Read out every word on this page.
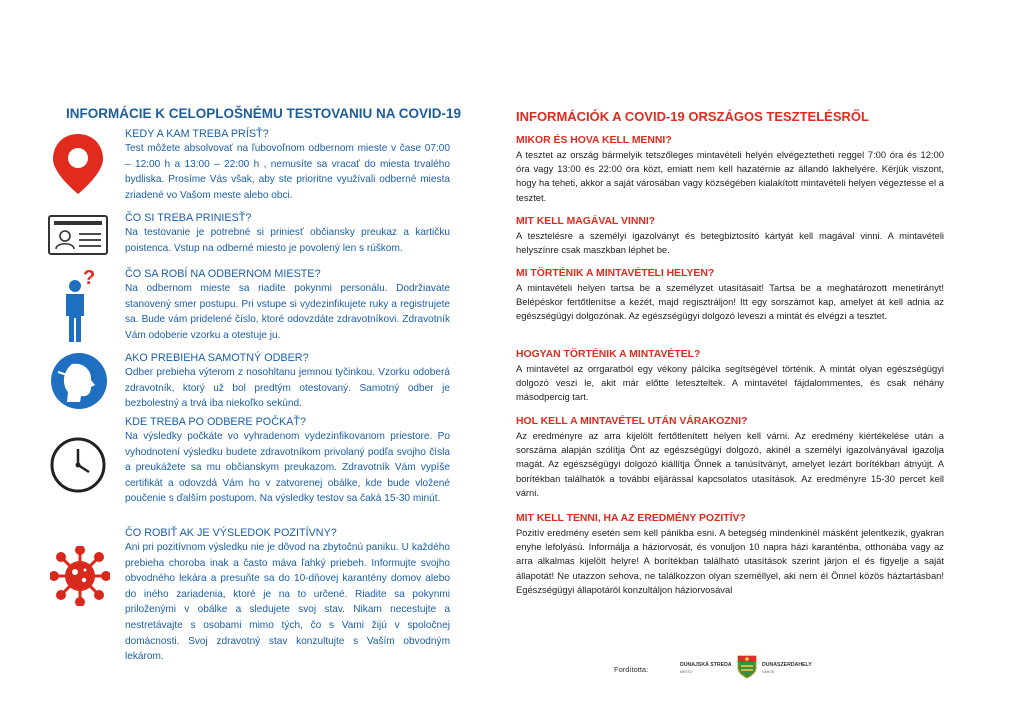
INFORMÁCIE K CELOPLOŠNÉMU TESTOVANIU NA COVID-19
?
KEDY A KAM TREBA PRÍSŤ?

Test môžete absolvovať na ľubovoľnom odbernom mieste v čase 07:00 – 12:00 h a 13:00 – 22:00 h , nemusíte sa vracať do miesta trvalého bydliska. Prosíme Vás však, aby ste prioritne využívali odberné miesta zriadené vo Vašom meste alebo obci.

ČO SI TREBA PRINIESŤ?

Na testovanie je potrebné si priniesť občiansky preukaz a kartičku poistenca. Vstup na odberné miesto je povolený len s rúškom.

ČO SA ROBÍ NA ODBERNOM MIESTE?

Na odbernom mieste sa riadite pokynmi personálu. Dodržiavate stanovený smer postupu. Pri vstupe si vydezinfikujete ruky a registrujete sa. Bude vám pridelené číslo, ktoré odovzdáte zdravotníkovi. Zdravotník Vám odoberie vzorku a otestuje ju.

AKO PREBIEHA SAMOTNÝ ODBER?

Odber prebieha výterom z nosohltanu jemnou tyčinkou. Vzorku odoberá zdravotník, ktorý už bol predtým otestovaný. Samotný odber je bezbolestný a trvá iba niekoľko sekúnd.

KDE TREBA PO ODBERE POČKAŤ?

Na výsledky počkáte vo vyhradenom vydezinfikovanom priestore. Po vyhodnotení výsledku budete zdravotníkom privolaný podľa svojho čísla a preukážete sa mu občianskym preukazom. Zdravotník Vám vypíše certifikát a odovzdá Vám ho v zatvorenej obálke, kde bude vložené poučenie s ďalším postupom. Na výsledky testov sa čaká 15-30 minút.

ČO ROBIŤ AK JE VÝSLEDOK POZITÍVNY?

Ani pri pozitívnom výsledku nie je dôvod na zbytočnú paniku. U každého prebieha choroba inak a často máva ľahký priebeh. Informujte svojho obvodného lekára a presuňte sa do 10-dňovej karantény domov alebo do iného zariadenia, ktoré je na to určené. Riadite sa pokynmi priloženými v obálke a sledujete svoj stav. Nikam necestujte a nestretávajte s osobami mimo tých, čo s Vami žijú v spoločnej domácnosti. Svoj zdravotný stav konzultujte s Vaším obvodným lekárom.

INFORMÁCIÓK A COVID-19 ORSZÁGOS TESZTELÉSRŐL
MIKOR ÉS HOVA KELL MENNI?

A tesztet az ország bármelyik tetszőleges mintavételi helyén elvégeztetheti reggel 7:00 óra és 12:00 óra vagy 13:00 és 22:00 óra közt, emiatt nem kell hazatérnie az állandó lakhelyére. Kérjük viszont, hogy ha teheti, akkor a saját városában vagy községében kialakított mintavételi helyen végeztesse el a tesztet.

MIT KELL MAGÁVAL VINNI?

A tesztelésre a személyi igazolványt és betegbiztosító kártyát kell magával vinni. A mintavételi helyszínre csak maszkban léphet be.

MI TÖRTÉNIK A MINTAVÉTELI HELYEN?

A mintavételi helyen tartsa be a személyzet utasításait! Tartsa be a meghatározott menetirányt! Belépéskor fertőtlenítse a kezét, majd regisztráljon! Itt egy sorszámot kap, amelyet át kell adnia az egészségügyi dolgozónak. Az egészségügyi dolgozó leveszi a mintát és elvégzi a tesztet.

HOGYAN TÖRTÉNIK A MINTAVÉTEL?

A mintavétel az orrgaratból egy vékony pálcika segítségével történik. A mintát olyan egészségügyi dolgozó veszi le, akit már előtte leteszteltek. A mintavétel fájdalommentes, és csak néhány másodpercig tart.

HOL KELL A MINTAVÉTEL UTÁN VÁRAKOZNI?

Az eredményre az arra kijelölt fertőtlenített helyen kell várni. Az eredmény kiértékelése után a sorszáma alapján szólítja Önt az egészségügyi dolgozó, akinél a személyi igazolványával igazolja magát. Az egészségügyi dolgozó kiállítja Önnek a tanúsítványt, amelyet lezárt borítékban átnyújt. A borítékban találhatók a további eljárással kapcsolatos utasítások. Az eredményre 15-30 percet kell várni.

MIT KELL TENNI, HA AZ EREDMÉNY POZITÍV?

Pozitív eredmény esetén sem kell pánikba esni. A betegség mindenkinél másként jelentkezik, gyakran enyhe lefolyású. Informálja a háziorvosát, és vonuljon 10 napra házi karanténba, otthonába vagy az arra alkalmas kijelölt helyre! A borítékban található utasítások szerint járjon el és figyelje a saját állapotát! Ne utazzon sehova, ne találkozzon olyan személlyel, aki nem él Önnel közös háztartásban! Egészségügyi állapotáról konzultáljon háziorvosával

Fordította:	DUNAJSKÁ STREDA
MESTO
DUNASZERDAHELY
VÁROS
